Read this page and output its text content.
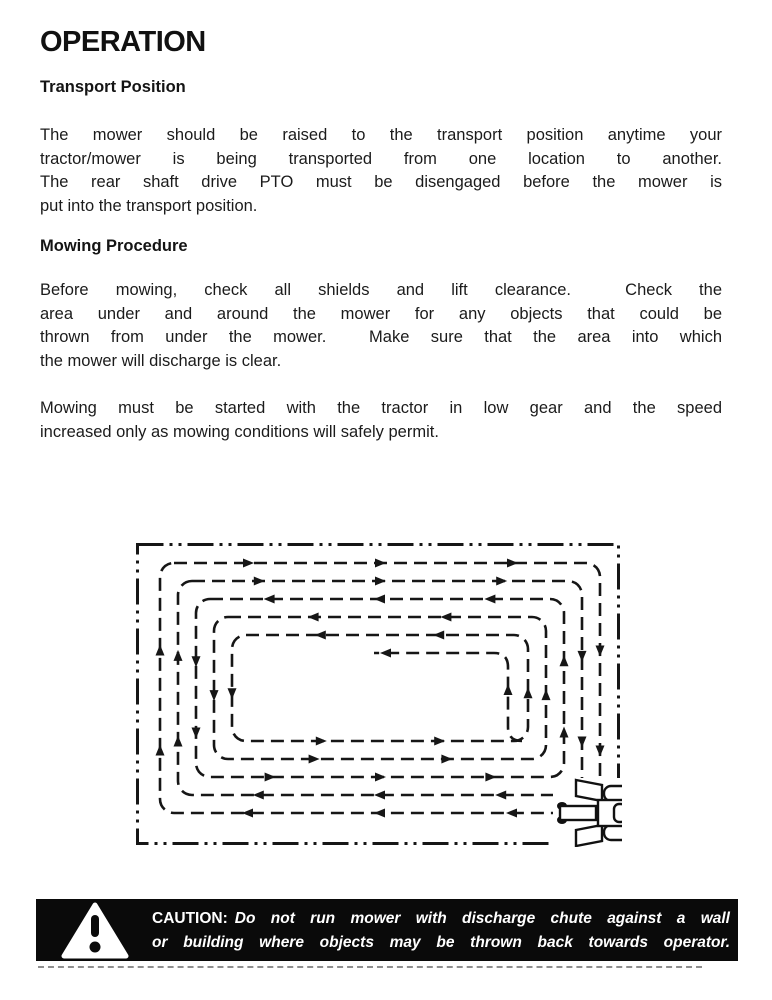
OPERATION
Transport Position
The mower should be raised to the transport position anytime your
tractor/mower is being transported from one location to another.
The rear shaft drive PTO must be disengaged before the mower is
put into the transport position.
Mowing Procedure
Before mowing, check all shields and lift clearance.  Check the
area under and around the mower for any objects that could be
thrown from under the mower.  Make sure that the area into which
the mower will discharge is clear.
Mowing must be started with the tractor in low gear and the speed
increased only as mowing conditions will safely permit.
CAUTION: Do not run mower with discharge chute against a wall
or building where objects may be thrown back towards operator.
